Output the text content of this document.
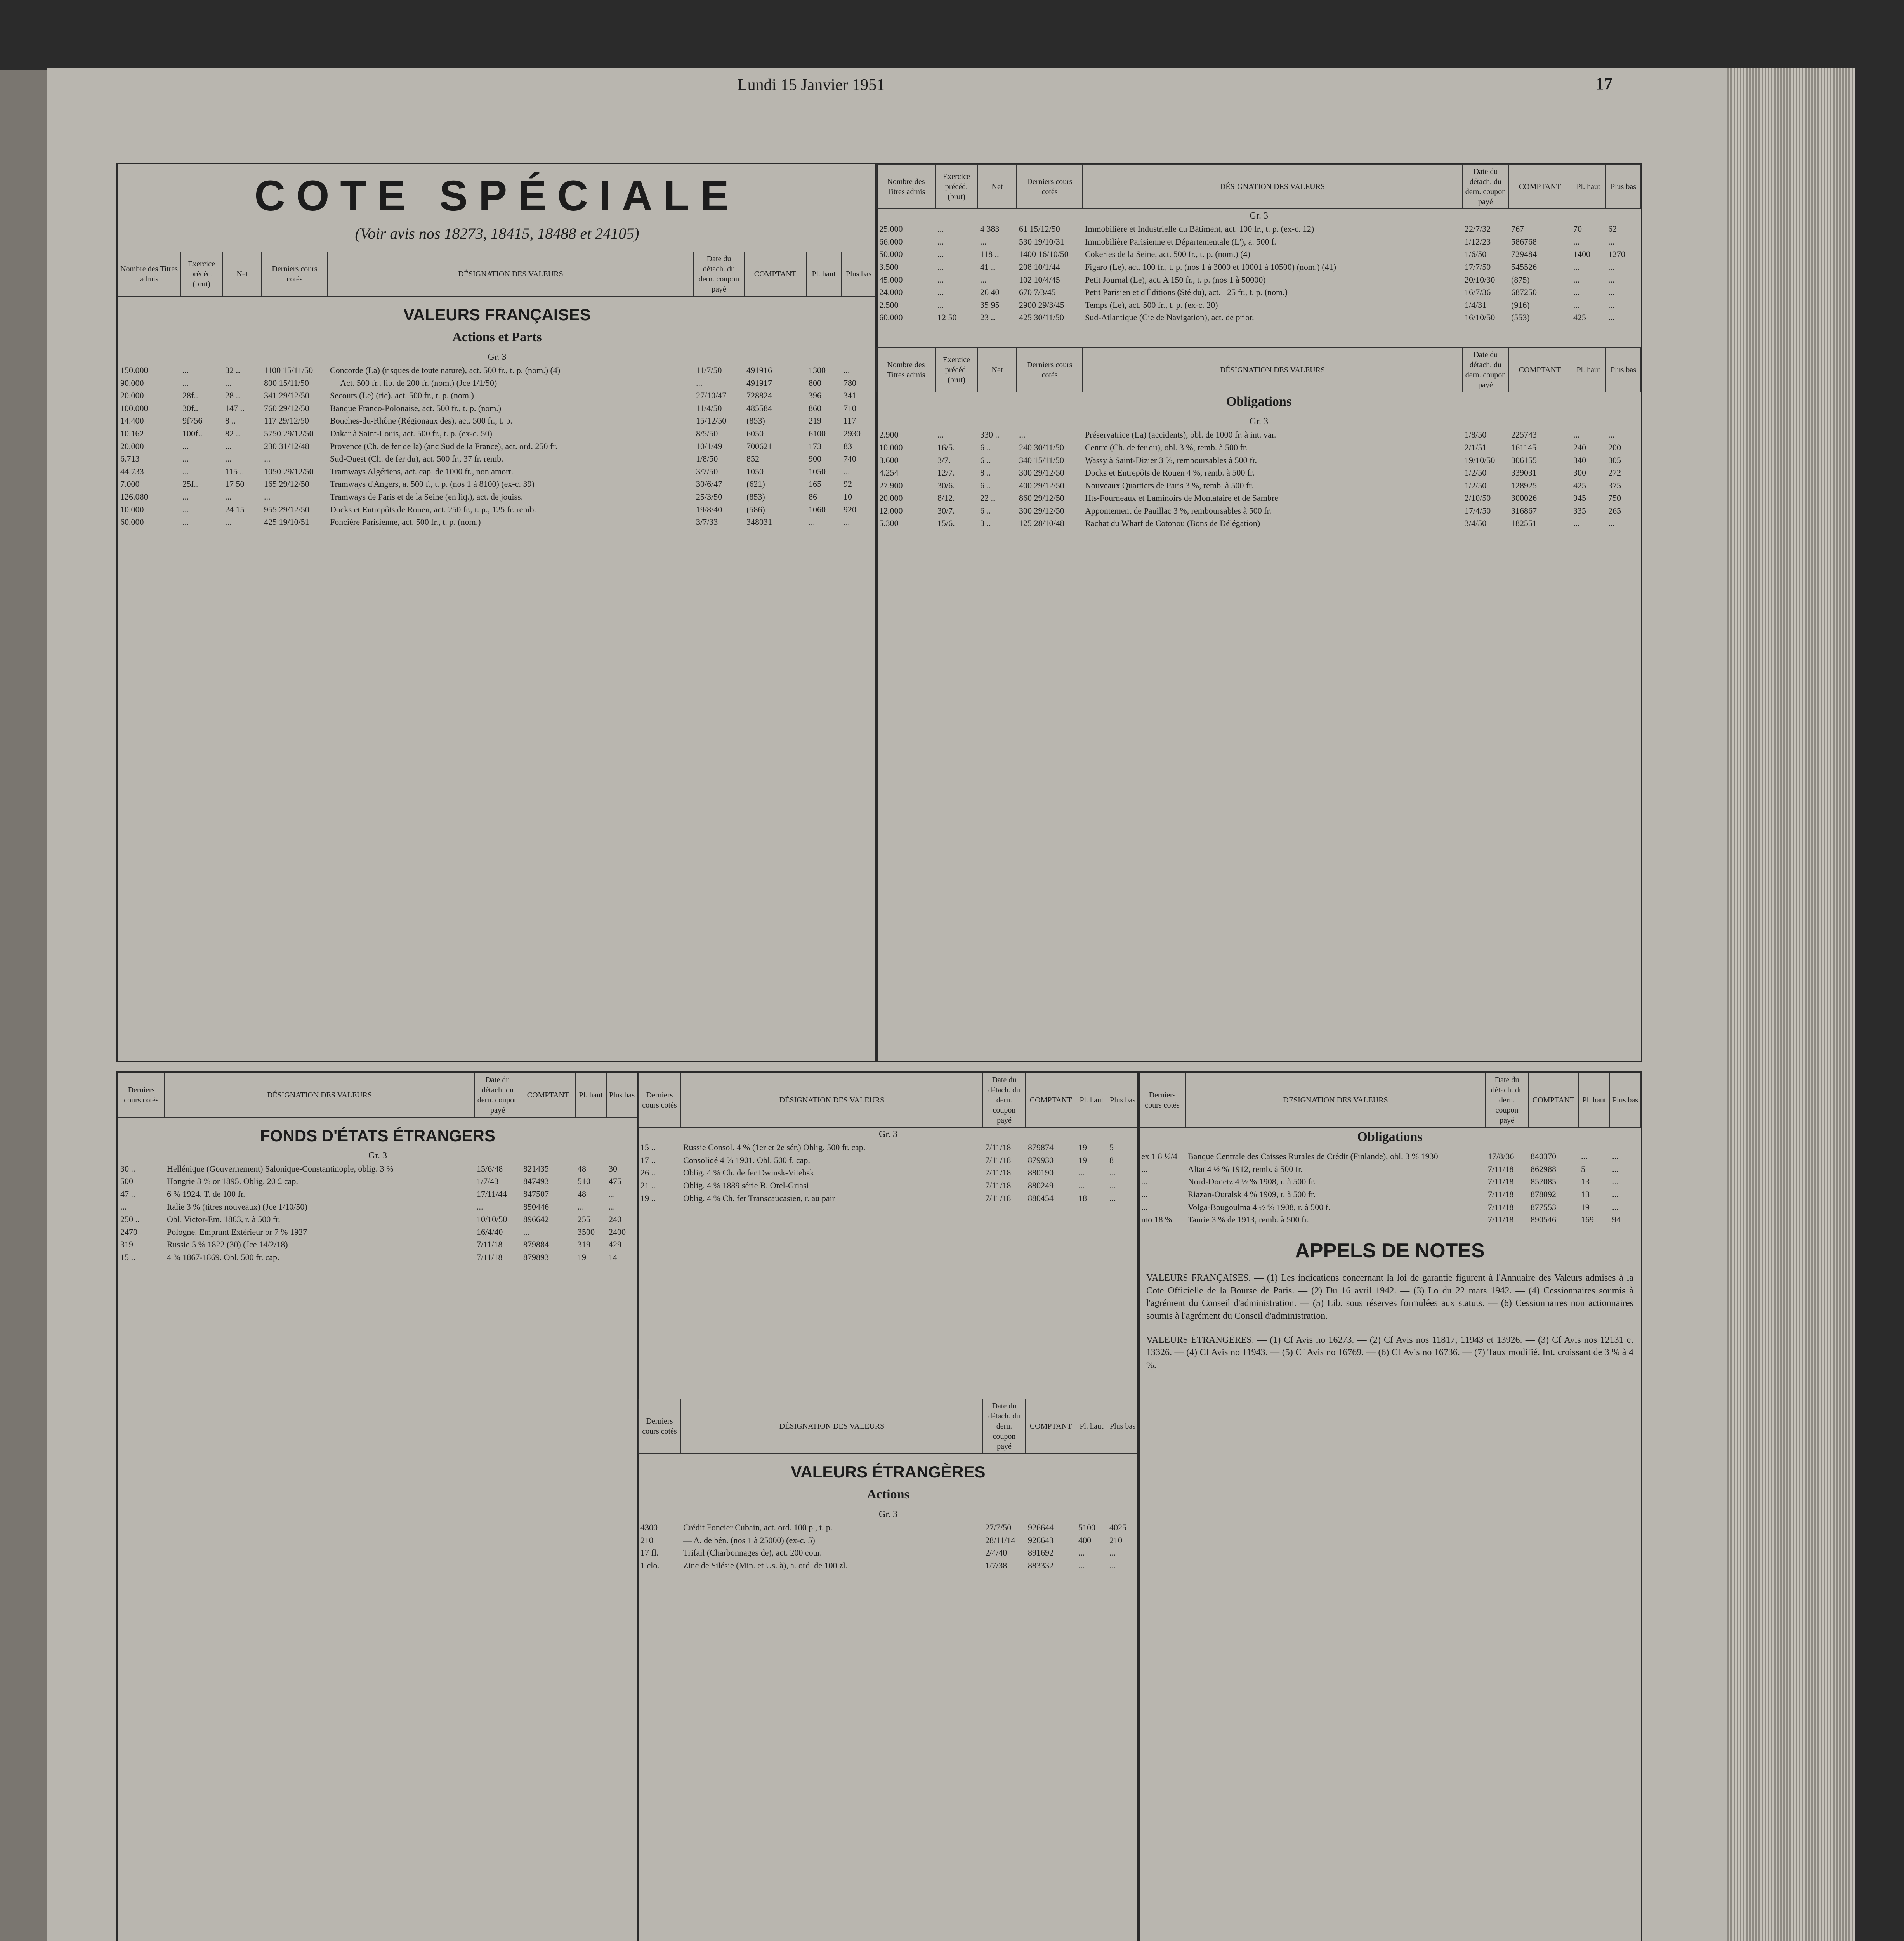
Lundi 15 Janvier 1951	17
COTE SPÉCIALE
(Voir avis nos 18273, 18415, 18488 et 24105)
Nombre des Titres admis	Exercice précéd. (brut)	Net	Derniers cours cotés	DÉSIGNATION DES VALEURS	Date du détach. du dern. coupon payé	COMPTANT	Pl. haut	Plus bas
VALEURS FRANÇAISES								
Actions et Parts								
Gr. 3								
150.000	...	32 ..	1100 15/11/50	Concorde (La) (risques de toute nature), act. 500 fr., t. p. (nom.) (4)	11/7/50	491916	1300	...
90.000	...	...	800 15/11/50	— Act. 500 fr., lib. de 200 fr. (nom.) (Jce 1/1/50)	...	491917	800	780
20.000	28f..	28 ..	341 29/12/50	Secours (Le) (rie), act. 500 fr., t. p. (nom.)	27/10/47	728824	396	341
100.000	30f..	147 ..	760 29/12/50	Banque Franco-Polonaise, act. 500 fr., t. p. (nom.)	11/4/50	485584	860	710
14.400	9f756	8 ..	117 29/12/50	Bouches-du-Rhône (Régionaux des), act. 500 fr., t. p.	15/12/50	(853)	219	117
10.162	100f..	82 ..	5750 29/12/50	Dakar à Saint-Louis, act. 500 fr., t. p. (ex-c. 50)	8/5/50	6050	6100	2930
20.000	...	...	230 31/12/48	Provence (Ch. de fer de la) (anc Sud de la France), act. ord. 250 fr.	10/1/49	700621	173	83
6.713	...	...	...	Sud-Ouest (Ch. de fer du), act. 500 fr., 37 fr. remb.	1/8/50	852	900	740
44.733	...	115 ..	1050 29/12/50	Tramways Algériens, act. cap. de 1000 fr., non amort.	3/7/50	1050	1050	...
7.000	25f..	17 50	165 29/12/50	Tramways d'Angers, a. 500 f., t. p. (nos 1 à 8100) (ex-c. 39)	30/6/47	(621)	165	92
126.080	...	...	...	Tramways de Paris et de la Seine (en liq.), act. de jouiss.	25/3/50	(853)	86	10
10.000	...	24 15	955 29/12/50	Docks et Entrepôts de Rouen, act. 250 fr., t. p., 125 fr. remb.	19/8/40	(586)	1060	920
60.000	...	...	425 19/10/51	Foncière Parisienne, act. 500 fr., t. p. (nom.)	3/7/33	348031	...	...
Nombre des Titres admis	Exercice précéd. (brut)	Net	Derniers cours cotés	DÉSIGNATION DES VALEURS	Date du détach. du dern. coupon payé	COMPTANT	Pl. haut	Plus bas
Gr. 3								
25.000	...	4 383	61 15/12/50	Immobilière et Industrielle du Bâtiment, act. 100 fr., t. p. (ex-c. 12)	22/7/32	767	70	62
66.000	...	...	530 19/10/31	Immobilière Parisienne et Départementale (L'), a. 500 f.	1/12/23	586768	...	...
50.000	...	118 ..	1400 16/10/50	Cokeries de la Seine, act. 500 fr., t. p. (nom.) (4)	1/6/50	729484	1400	1270
3.500	...	41 ..	208 10/1/44	Figaro (Le), act. 100 fr., t. p. (nos 1 à 3000 et 10001 à 10500) (nom.) (41)	17/7/50	545526	...	...
45.000	...	...	102 10/4/45	Petit Journal (Le), act. A 150 fr., t. p. (nos 1 à 50000)	20/10/30	(875)	...	...
24.000	...	26 40	670 7/3/45	Petit Parisien et d'Éditions (Sté du), act. 125 fr., t. p. (nom.)	16/7/36	687250	...	...
2.500	...	35 95	2900 29/3/45	Temps (Le), act. 500 fr., t. p. (ex-c. 20)	1/4/31	(916)	...	...
60.000	12 50	23 ..	425 30/11/50	Sud-Atlantique (Cie de Navigation), act. de prior.	16/10/50	(553)	425	...
Nombre des Titres admis	Exercice précéd. (brut)	Net	Derniers cours cotés	DÉSIGNATION DES VALEURS	Date du détach. du dern. coupon payé	COMPTANT	Pl. haut	Plus bas
Obligations								
Gr. 3								
2.900	...	330 ..	...	Préservatrice (La) (accidents), obl. de 1000 fr. à int. var.	1/8/50	225743	...	...
10.000	16/5.	6 ..	240 30/11/50	Centre (Ch. de fer du), obl. 3 %, remb. à 500 fr.	2/1/51	161145	240	200
3.600	3/7.	6 ..	340 15/11/50	Wassy à Saint-Dizier 3 %, remboursables à 500 fr.	19/10/50	306155	340	305
4.254	12/7.	8 ..	300 29/12/50	Docks et Entrepôts de Rouen 4 %, remb. à 500 fr.	1/2/50	339031	300	272
27.900	30/6.	6 ..	400 29/12/50	Nouveaux Quartiers de Paris 3 %, remb. à 500 fr.	1/2/50	128925	425	375
20.000	8/12.	22 ..	860 29/12/50	Hts-Fourneaux et Laminoirs de Montataire et de Sambre	2/10/50	300026	945	750
12.000	30/7.	6 ..	300 29/12/50	Appontement de Pauillac 3 %, remboursables à 500 fr.	17/4/50	316867	335	265
5.300	15/6.	3 ..	125 28/10/48	Rachat du Wharf de Cotonou (Bons de Délégation)	3/4/50	182551	...	...
Derniers cours cotés	DÉSIGNATION DES VALEURS	Date du détach. du dern. coupon payé	COMPTANT	Pl. haut	Plus bas
FONDS D'ÉTATS ÉTRANGERS					
Gr. 3					
30 ..	Hellénique (Gouvernement) Salonique-Constantinople, oblig. 3 %	15/6/48	821435	48	30
500	Hongrie 3 % or 1895. Oblig. 20 £ cap.	1/7/43	847493	510	475
47 ..	6 % 1924. T. de 100 fr.	17/11/44	847507	48	...
...	Italie 3 % (titres nouveaux) (Jce 1/10/50)	...	850446	...	...
250 ..	Obl. Victor-Em. 1863, r. à 500 fr.	10/10/50	896642	255	240
2470	Pologne. Emprunt Extérieur or 7 % 1927	16/4/40	...	3500	2400
319	Russie 5 % 1822 (30) (Jce 14/2/18)	7/11/18	879884	319	429
15 ..	4 % 1867-1869. Obl. 500 fr. cap.	7/11/18	879893	19	14
Derniers cours cotés	DÉSIGNATION DES VALEURS	Date du détach. du dern. coupon payé	COMPTANT	Pl. haut	Plus bas
Gr. 3					
15 ..	Russie Consol. 4 % (1er et 2e sér.) Oblig. 500 fr. cap.	7/11/18	879874	19	5
17 ..	Consolidé 4 % 1901. Obl. 500 f. cap.	7/11/18	879930	19	8
26 ..	Oblig. 4 % Ch. de fer Dwinsk-Vitebsk	7/11/18	880190	...	...
21 ..	Oblig. 4 % 1889 série B. Orel-Griasi	7/11/18	880249	...	...
19 ..	Oblig. 4 % Ch. fer Transcaucasien, r. au pair	7/11/18	880454	18	...
Derniers cours cotés	DÉSIGNATION DES VALEURS	Date du détach. du dern. coupon payé	COMPTANT	Pl. haut	Plus bas
VALEURS ÉTRANGÈRES					
Actions					
Gr. 3					
4300	Crédit Foncier Cubain, act. ord. 100 p., t. p.	27/7/50	926644	5100	4025
210	— A. de bén. (nos 1 à 25000) (ex-c. 5)	28/11/14	926643	400	210
17 fl.	Trifail (Charbonnages de), act. 200 cour.	2/4/40	891692	...	...
1 clo.	Zinc de Silésie (Min. et Us. à), a. ord. de 100 zl.	1/7/38	883332	...	...
Derniers cours cotés	DÉSIGNATION DES VALEURS	Date du détach. du dern. coupon payé	COMPTANT	Pl. haut	Plus bas
Obligations					
ex 1 8 ½/4	Banque Centrale des Caisses Rurales de Crédit (Finlande), obl. 3 % 1930	17/8/36	840370	...	...
...	Altaï 4 ½ % 1912, remb. à 500 fr.	7/11/18	862988	5	...
...	Nord-Donetz 4 ½ % 1908, r. à 500 fr.	7/11/18	857085	13	...
...	Riazan-Ouralsk 4 % 1909, r. à 500 fr.	7/11/18	878092	13	...
...	Volga-Bougoulma 4 ½ % 1908, r. à 500 f.	7/11/18	877553	19	...
mo 18 %	Taurie 3 % de 1913, remb. à 500 fr.	7/11/18	890546	169	94
APPELS DE NOTES
VALEURS FRANÇAISES. — (1) Les indications concernant la loi de garantie figurent à l'Annuaire des Valeurs admises à la Cote Officielle de la Bourse de Paris. — (2) Du 16 avril 1942. — (3) Lo du 22 mars 1942. — (4) Cessionnaires soumis à l'agrément du Conseil d'administration. — (5) Lib. sous réserves formulées aux statuts. — (6) Cessionnaires non actionnaires soumis à l'agrément du Conseil d'administration.
VALEURS ÉTRANGÈRES. — (1) Cf Avis no 16273. — (2) Cf Avis nos 11817, 11943 et 13926. — (3) Cf Avis nos 12131 et 13326. — (4) Cf Avis no 11943. — (5) Cf Avis no 16769. — (6) Cf Avis no 16736. — (7) Taux modifié. Int. croissant de 3 % à 4 %.
